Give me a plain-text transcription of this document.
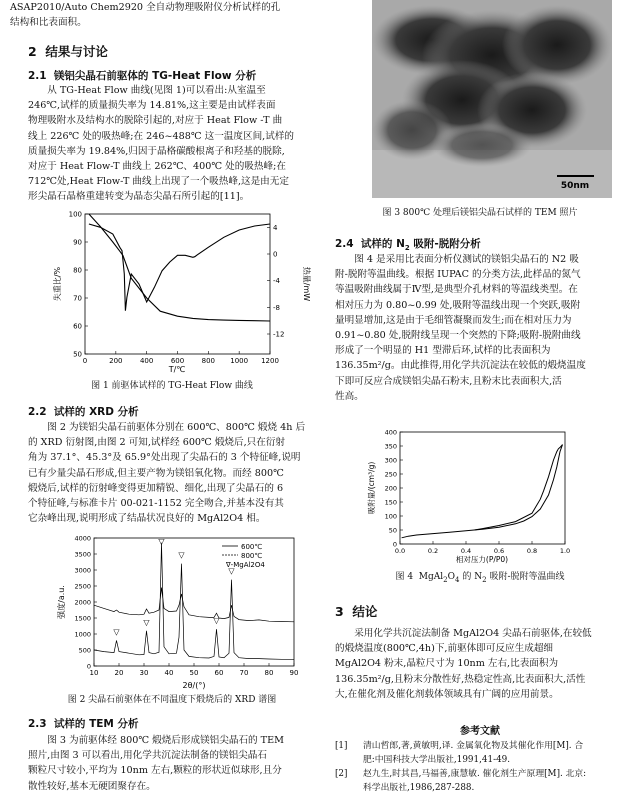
ASAP2010/Auto Chem2920 全自动物理吸附仪分析试样的孔

结构和比表面积。

2 结果与讨论
2.1 镁铝尖晶石前驱体的 TG-Heat Flow 分析

从 TG-Heat Flow 曲线(见图 1)可以看出:从室温至

246℃,试样的质量损失率为 14.81%,这主要是由试样表面

物理吸附水及结构水的脱除引起的,对应于 Heat Flow -T 曲

线上 226℃ 处的吸热峰;在 246~488℃ 这一温度区间,试样的

质量损失率为 19.84%,归因于晶格碳酸根离子和羟基的脱除,

对应于 Heat Flow-T 曲线上 262℃、400℃ 处的吸热峰;在

712℃处,Heat Flow-T 曲线上出现了一个吸热峰,这是由无定

形尖晶石晶格重建转变为晶态尖晶石所引起的[11]。

0	200 400 600 800 1000 1200
100
90
80
70
60
50
4
0
-4
-8
-12
失重比/%	热量/mW
T/℃
图 1 前驱体试样的 TG-Heat Flow 曲线
2.2 试样的 XRD 分析

图 2 为镁铝尖晶石前驱体分别在 600℃、800℃ 煅烧 4h 后

的 XRD 衍射图,由图 2 可知,试样经 600℃ 煅烧后,只在衍射

角为 37.1°、45.3°及 65.9°处出现了尖晶石的 3 个特征峰,说明

已有少量尖晶石形成,但主要产物为镁铝氧化物。而经 800℃

煅烧后,试样的衍射峰变得更加精锐、细化,出现了尖晶石的 6

个特征峰,与标准卡片 00-021-1152 完全吻合,并基本没有其

它杂峰出现,说明形成了结晶状况良好的 MgAl2O4 相。

10 20 30 40 50 60 70 80 90
0
500
1000
1500
2000
2500
3000
3500
4000
▽
▽
▽
▽
▽
▽
600℃
800℃
∇-MgAl2O4
强度/a.u.
2θ/(°)
图 2 尖晶石前驱体在不同温度下煅烧后的 XRD 谱图
2.3 试样的 TEM 分析

图 3 为前驱体经 800℃ 煅烧后形成镁铝尖晶石的 TEM

照片,由图 3 可以看出,用化学共沉淀法制备的镁铝尖晶石

颗粒尺寸较小,平均为 10nm 左右,颗粒的形状近似球形,且分

散性较好,基本无硬团聚存在。

50nm
图 3 800℃ 处理后镁铝尖晶石试样的 TEM 照片
2.4 试样的 $N_2$ 吸附-脱附分析

图 4 是采用比表面分析仪测试的镁铝尖晶石的 N2 吸

附-脱附等温曲线。根据 IUPAC 的分类方法,此样品的氮气

等温吸附曲线属于Ⅳ型,是典型介孔材料的等温线类型。在

相对压力为 0.80~0.99 处,吸附等温线出现一个突跃,吸附

量明显增加,这是由于毛细管凝聚而发生;而在相对压力为

0.91~0.80 处,脱附线呈现一个突然的下降;吸附-脱附曲线

形成了一个明显的 H1 型滞后环,试样的比表面积为

136.35m²/g。由此推得,用化学共沉淀法在较低的煅烧温度

下即可反应合成镁铝尖晶石粉末,且粉末比表面积大,活

性高。

0.0	0.2	0.4	0.6	0.8	1.0
0
50
100
150
200
250
300
350
400
吸附量/(cm³/g)
相对压力(P/P0)
图 4  $MgAl_2O_4$ 的 $N_2$ 吸附-脱附等温曲线
3 结论

采用化学共沉淀法制备 MgAl2O4 尖晶石前驱体,在较低

的煅烧温度(800℃,4h)下,前驱体即可反应生成超细

MgAl2O4 粉末,晶粒尺寸为 10nm 左右,比表面积为

136.35m²/g,且粉末分散性好,热稳定性高,比表面积大,活性

大,在催化剂及催化剂载体领域具有广阔的应用前景。

参考文献
[1]	清山哲郎,著,黄敏明,译. 金属氧化物及其催化作用[M]. 合
肥:中国科技大学出版社,1991,41-49.
[2]	赵九生,时其昌,马福善,康慧敏. 催化剂生产原理[M]. 北京:
科学出版社,1986,287-288.
